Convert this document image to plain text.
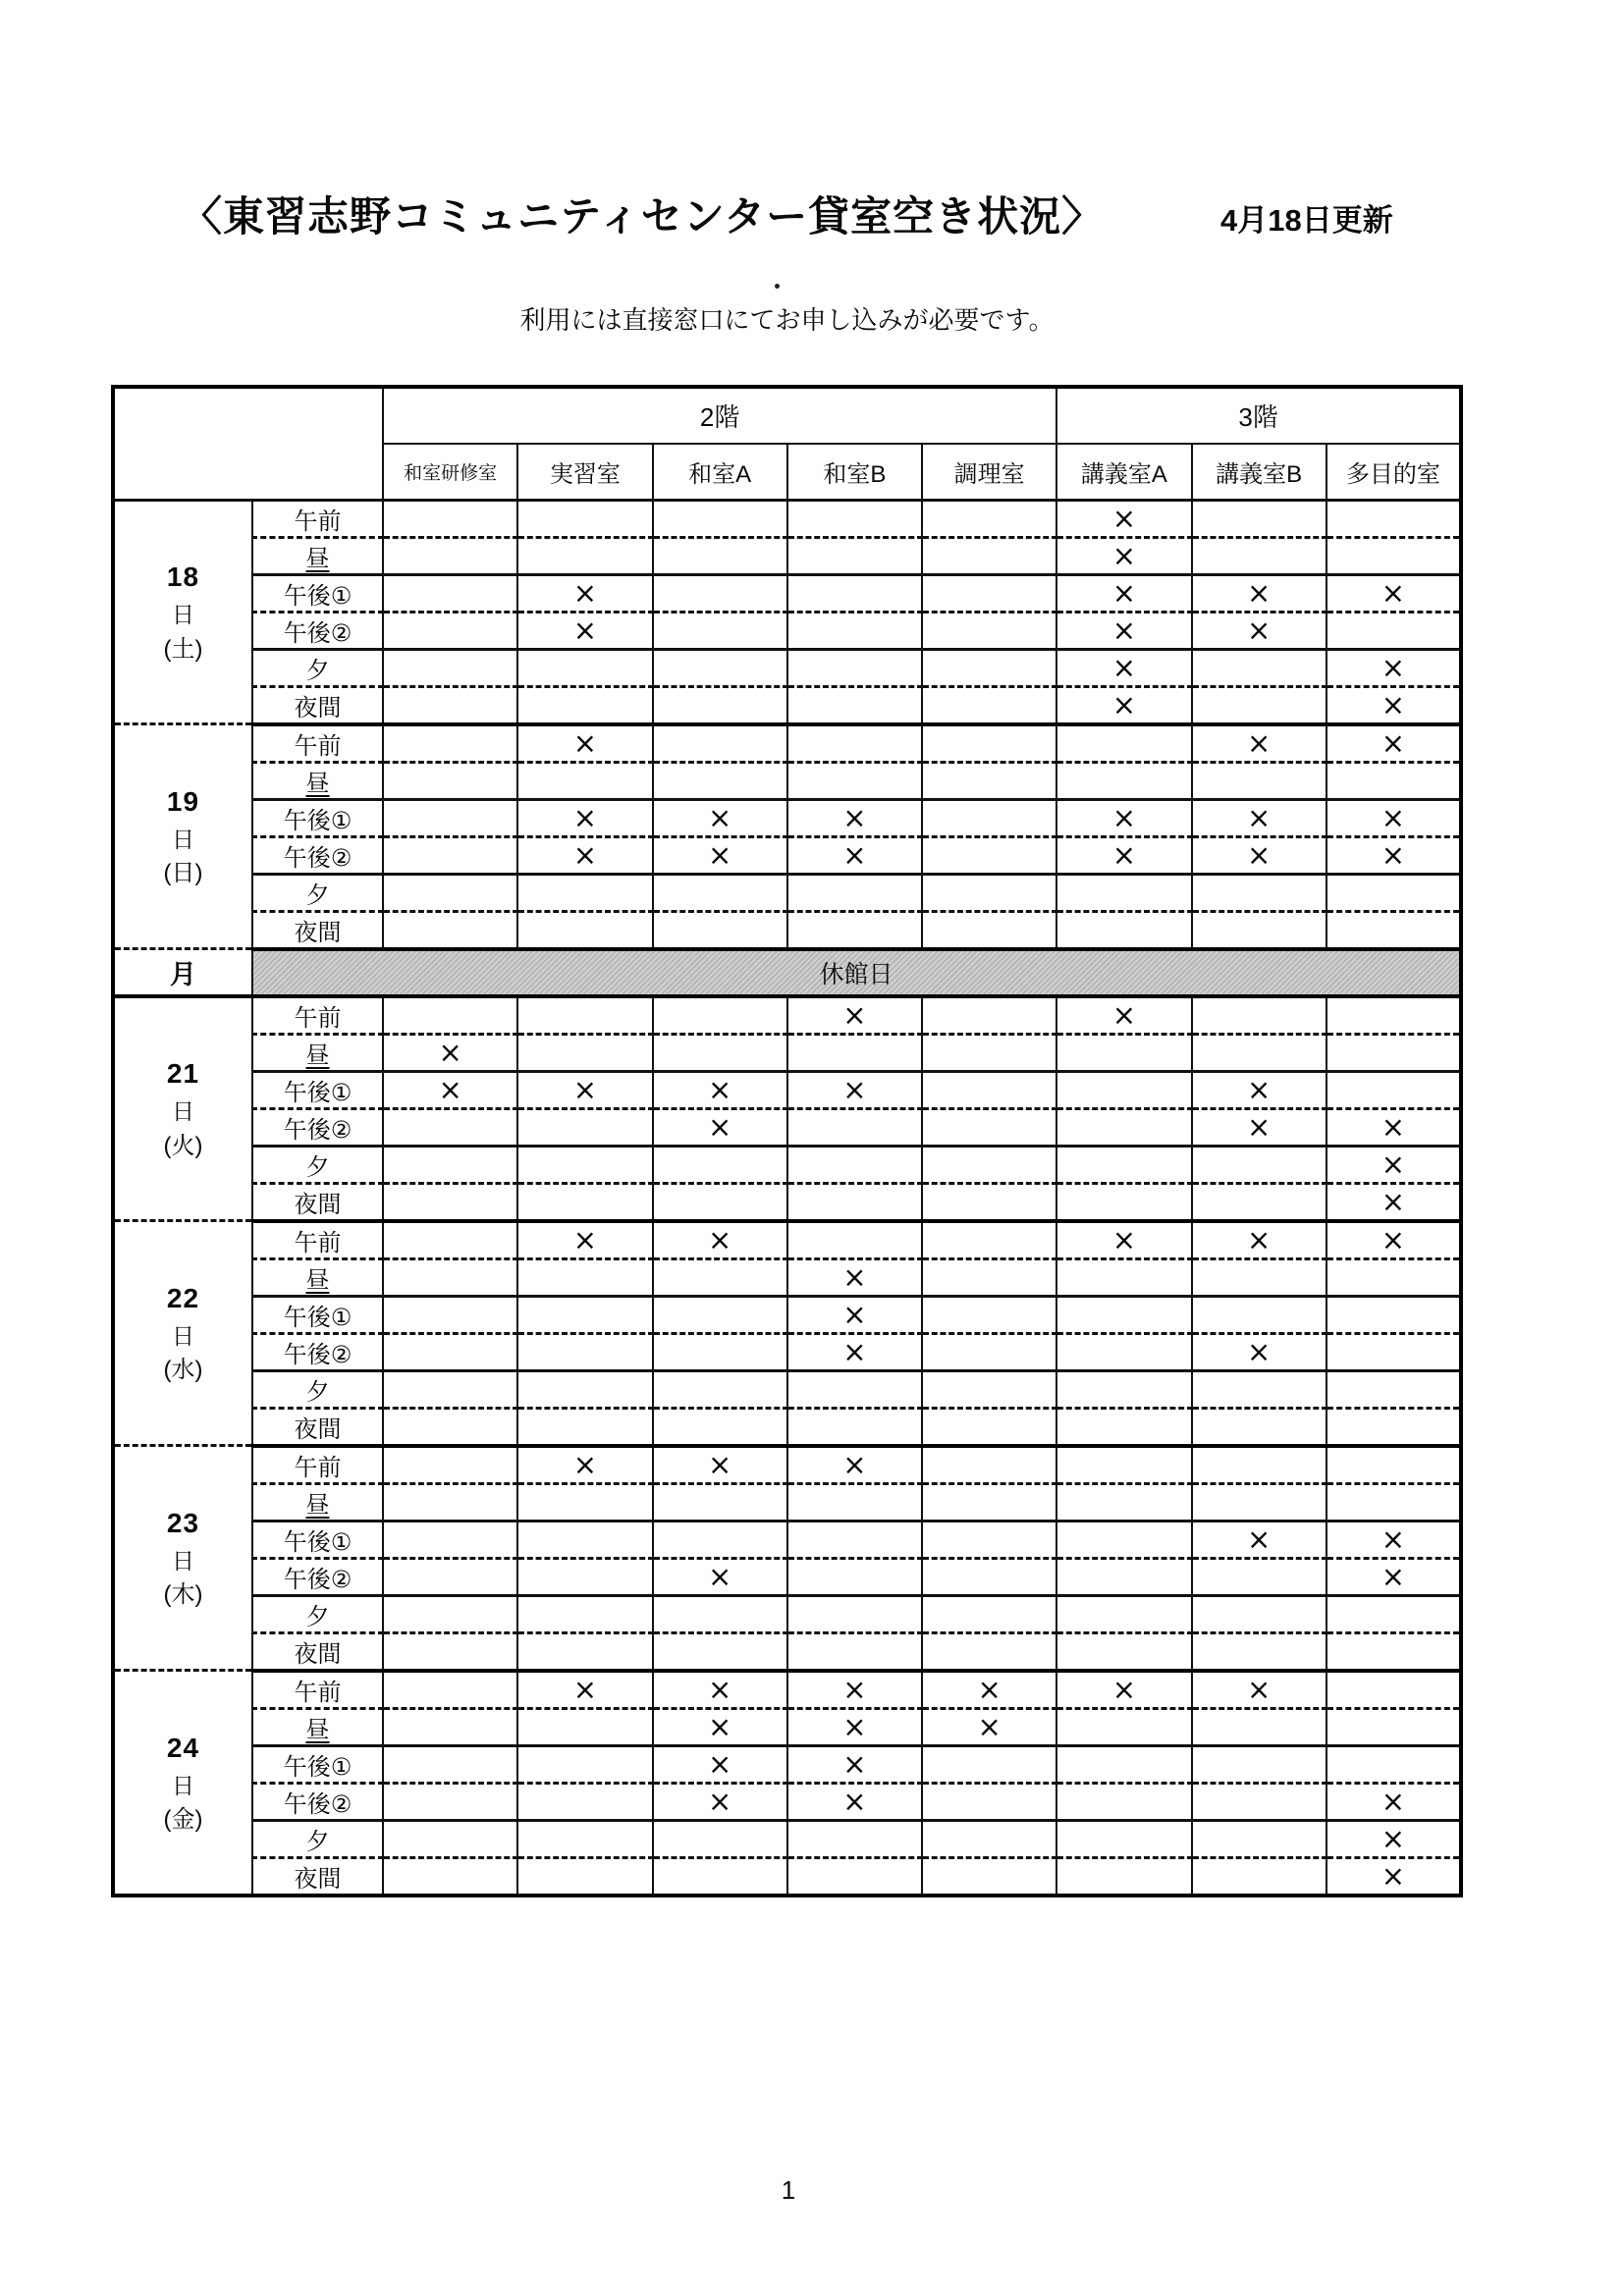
〈東習志野コミュニティセンター貸室空き状況〉	4月18日更新
利用には直接窓口にてお申し込みが必要です。
		2階					3階		
		和室研修室	実習室	和室A	和室B	調理室	講義室A	講義室B	多目的室

18
日
(土)	午前						×		
	昼						×		
	午後①		×				×	×	×
	午後②		×				×	×	
	夕						×		×
	夜間						×		×

19
日
(日)	午前		×					×	×
	昼								
	午後①		×	×	×		×	×	×
	午後②		×	×	×		×	×	×
	夕								
	夜間								
月	休館日								

21
日
(火)	午前				×		×		
	昼	×							
	午後①	×	×	×	×			×	
	午後②			×				×	×
	夕								×
	夜間								×

22
日
(水)	午前		×	×			×	×	×
	昼				×				
	午後①				×				
	午後②				×			×	
	夕								
	夜間								

23
日
(木)	午前		×	×	×				
	昼								
	午後①							×	×
	午後②			×					×
	夕								
	夜間								

24
日
(金)	午前		×	×	×	×	×	×	
	昼			×	×	×			
	午後①			×	×				
	午後②			×	×				×
	夕								×
	夜間								×
1
